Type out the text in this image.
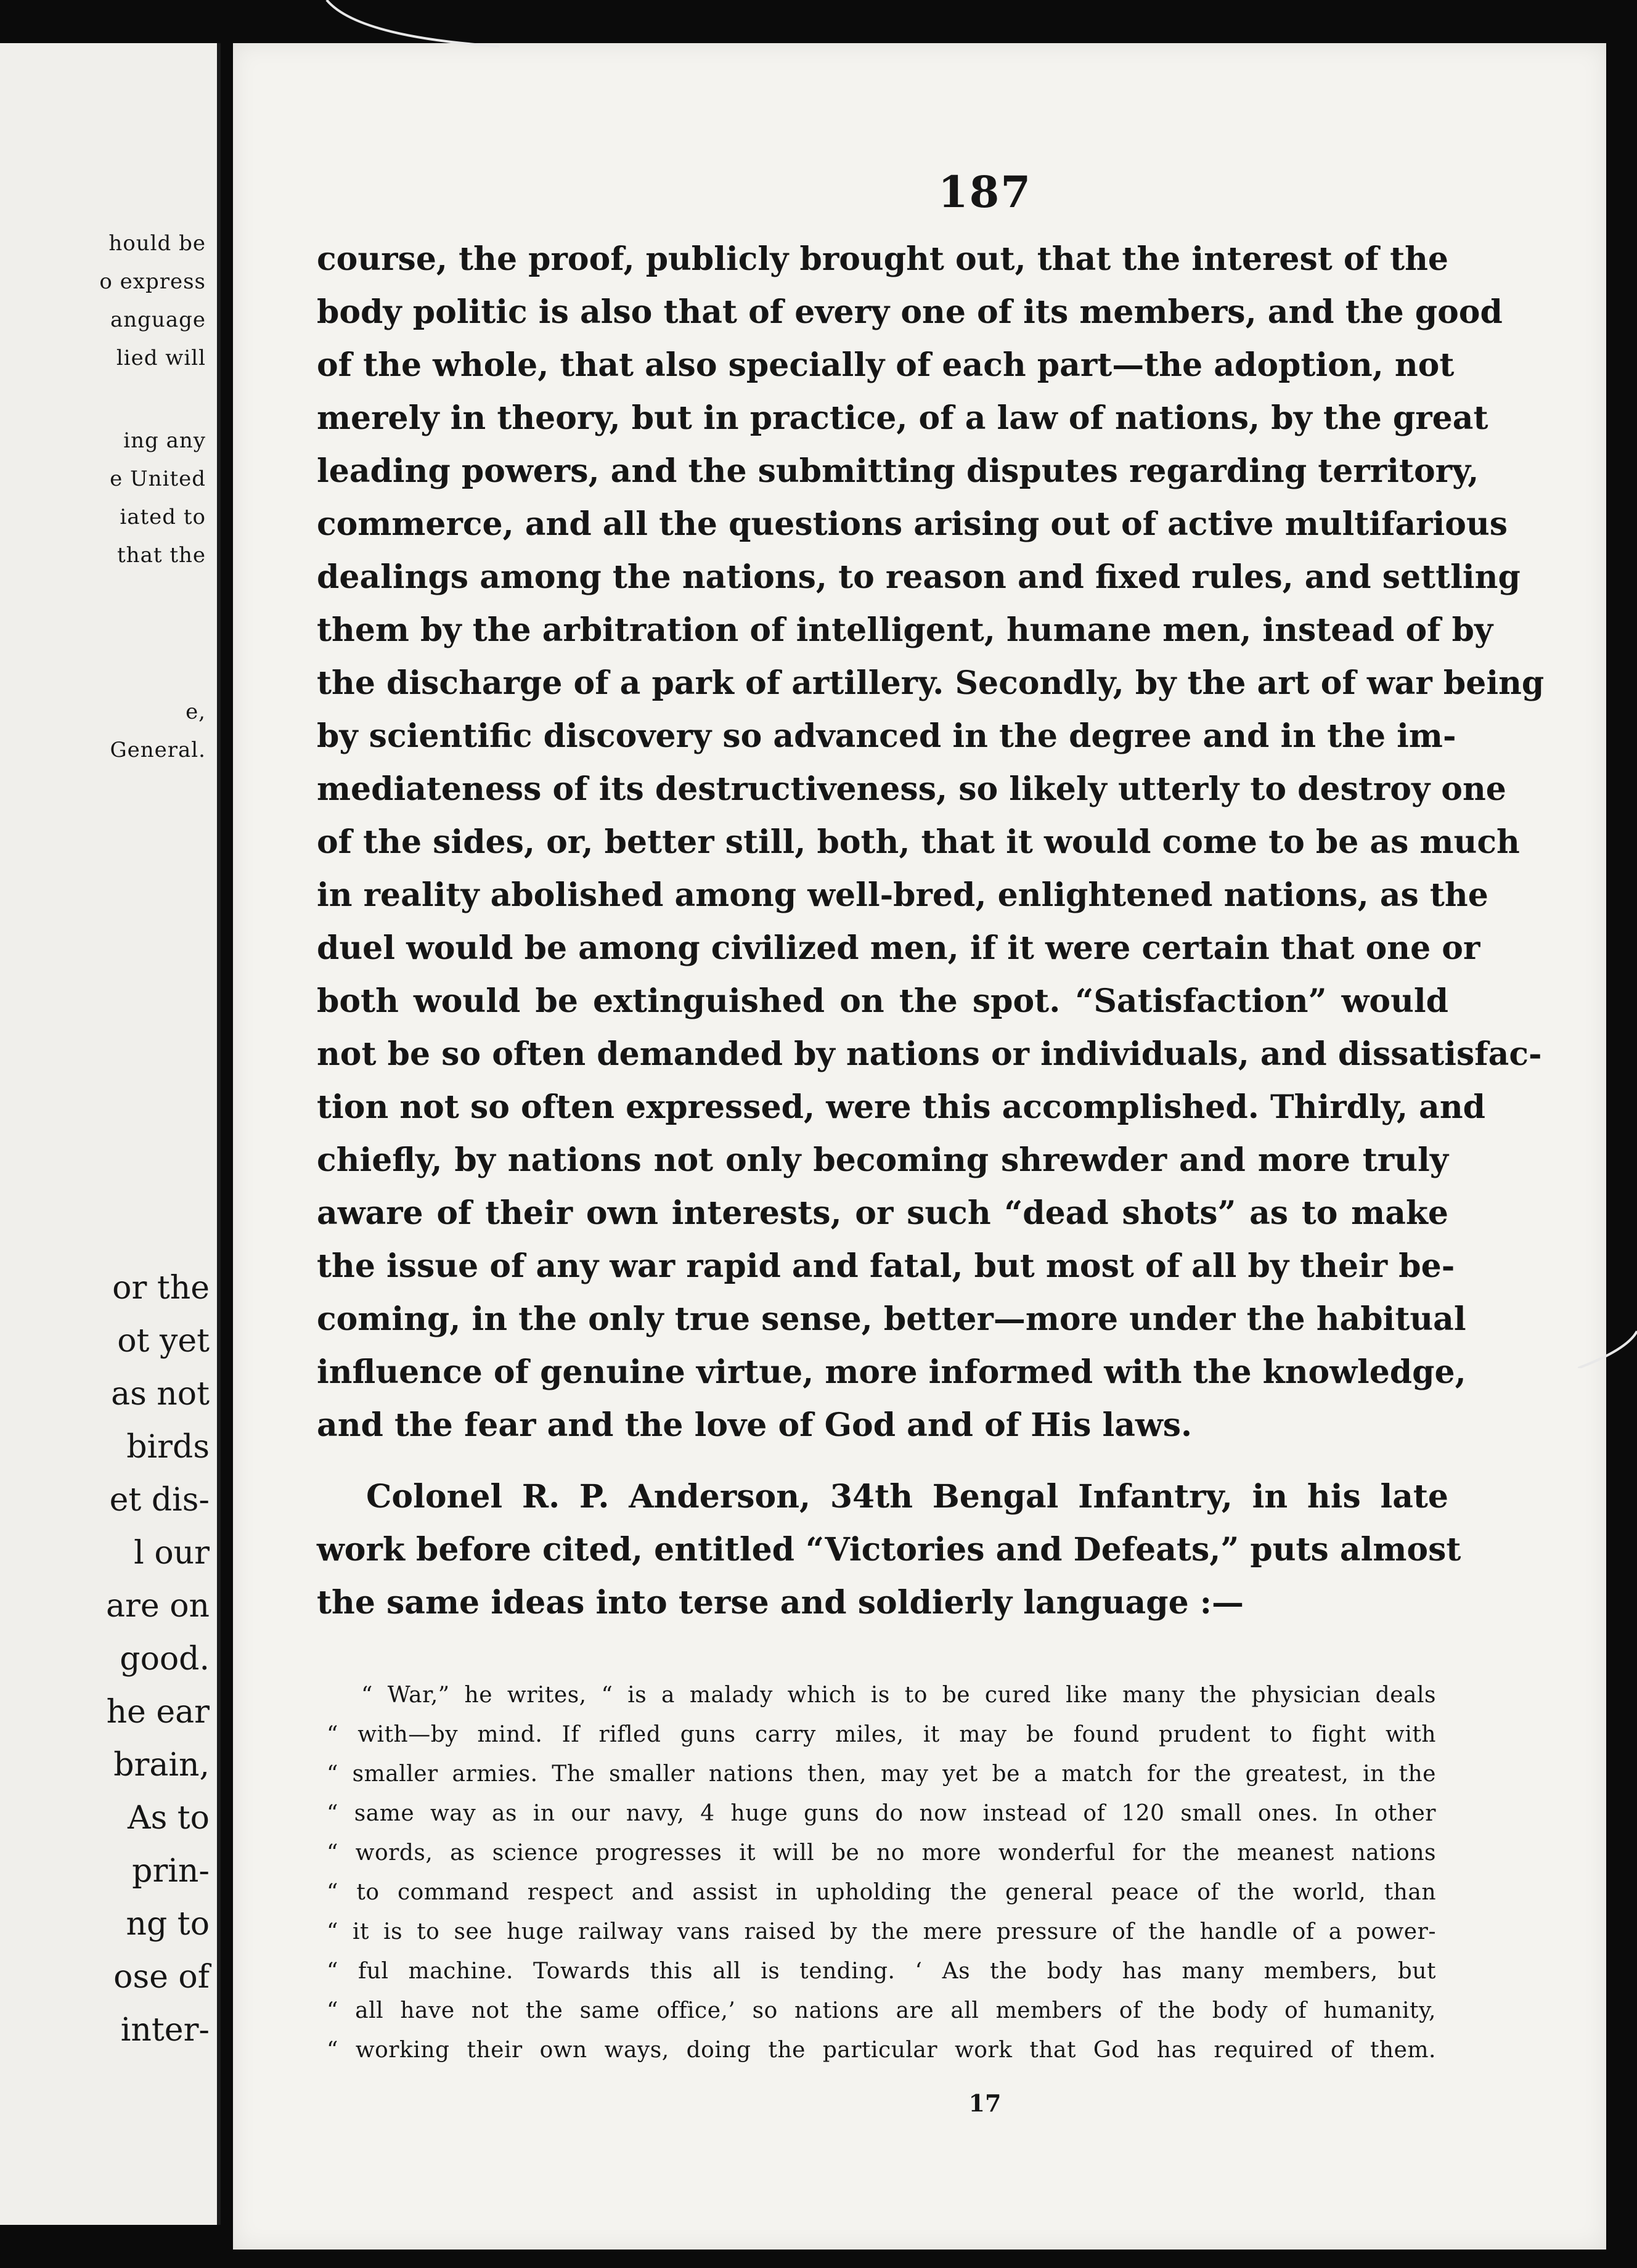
hould be
o express
anguage
lied will
ing any
e United
iated to
that the
e,
General.
or the
ot yet
as not
birds
et dis-
l our
are on
good.
he ear
brain,
As to
prin-
ng to
ose of
inter-
187
course, the proof, publicly brought out, that the interest of the
body politic is also that of every one of its members, and the good
of the whole, that also specially of each part—the adoption, not
merely in theory, but in practice, of a law of nations, by the great
leading powers, and the submitting disputes regarding territory,
commerce, and all the questions arising out of active multifarious
dealings among the nations, to reason and fixed rules, and settling
them by the arbitration of intelligent, humane men, instead of by
the discharge of a park of artillery. Secondly, by the art of war being
by scientific discovery so advanced in the degree and in the im-
mediateness of its destructiveness, so likely utterly to destroy one
of the sides, or, better still, both, that it would come to be as much
in reality abolished among well-bred, enlightened nations, as the
duel would be among civilized men, if it were certain that one or
both would be extinguished on the spot. “Satisfaction” would
not be so often demanded by nations or individuals, and dissatisfac-
tion not so often expressed, were this accomplished. Thirdly, and
chiefly, by nations not only becoming shrewder and more truly
aware of their own interests, or such “dead shots” as to make
the issue of any war rapid and fatal, but most of all by their be-
coming, in the only true sense, better—more under the habitual
influence of genuine virtue, more informed with the knowledge,
and the fear and the love of God and of His laws.
Colonel R. P. Anderson, 34th Bengal Infantry, in his late
work before cited, entitled “Victories and Defeats,” puts almost
the same ideas into terse and soldierly language :—
“ War,” he writes, “ is a malady which is to be cured like many the physician deals
“ with—by mind. If rifled guns carry miles, it may be found prudent to fight with
“ smaller armies. The smaller nations then, may yet be a match for the greatest, in the
“ same way as in our navy, 4 huge guns do now instead of 120 small ones. In other
“ words, as science progresses it will be no more wonderful for the meanest nations
“ to command respect and assist in upholding the general peace of the world, than
“ it is to see huge railway vans raised by the mere pressure of the handle of a power-
“ ful machine. Towards this all is tending. ‘ As the body has many members, but
“ all have not the same office,’ so nations are all members of the body of humanity,
“ working their own ways, doing the particular work that God has required of them.
17
